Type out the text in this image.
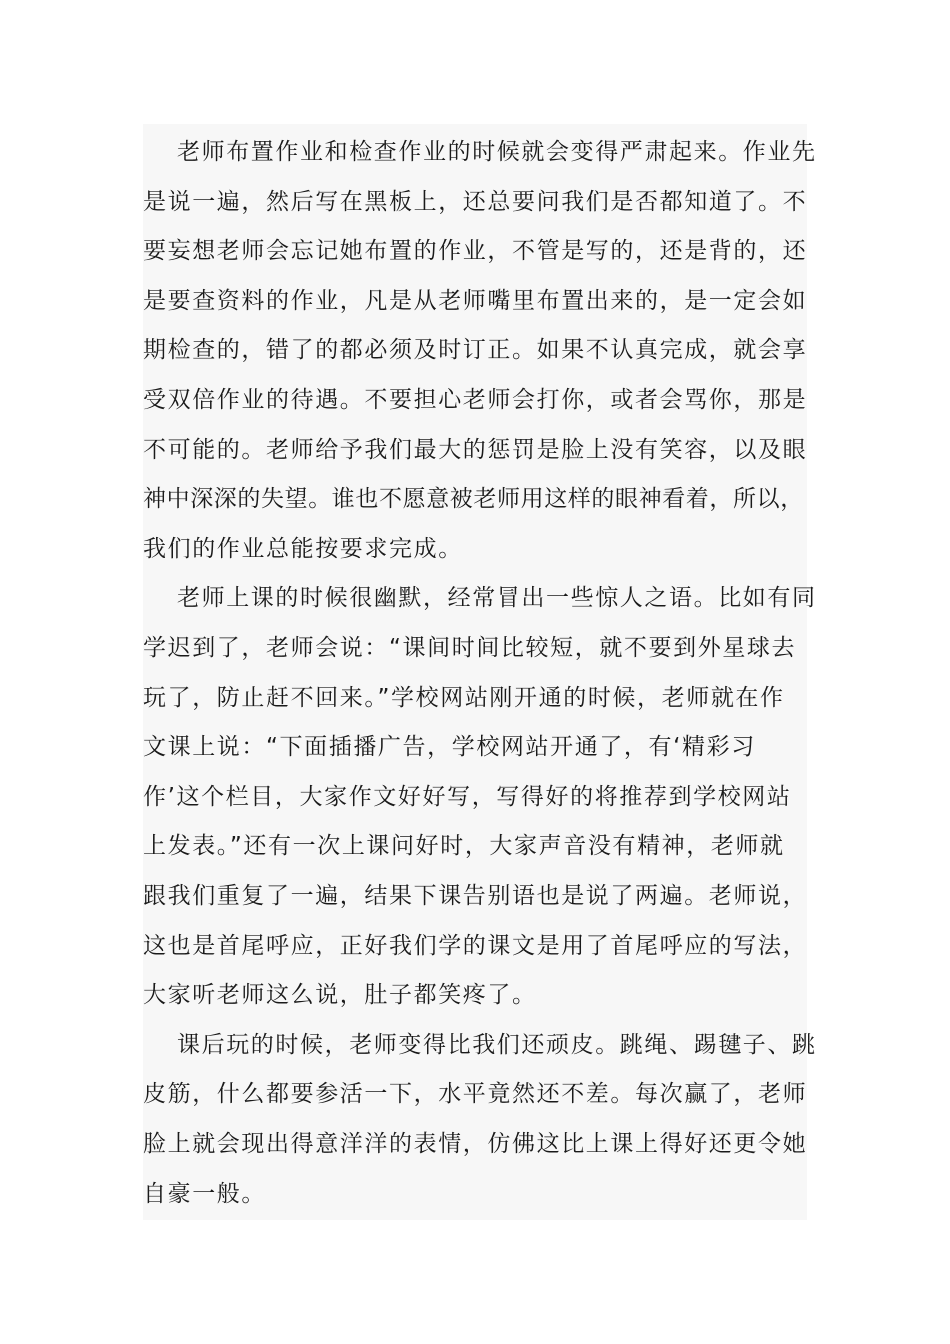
老师布置作业和检查作业的时候就会变得严肃起来。作业先
是说一遍，然后写在黑板上，还总要问我们是否都知道了。不
要妄想老师会忘记她布置的作业，不管是写的，还是背的，还
是要查资料的作业，凡是从老师嘴里布置出来的，是一定会如
期检查的，错了的都必须及时订正。如果不认真完成，就会享
受双倍作业的待遇。不要担心老师会打你，或者会骂你，那是
不可能的。老师给予我们最大的惩罚是脸上没有笑容，以及眼
神中深深的失望。谁也不愿意被老师用这样的眼神看着，所以，
我们的作业总能按要求完成。
老师上课的时候很幽默，经常冒出一些惊人之语。比如有同
学迟到了，老师会说：“课间时间比较短，就不要到外星球去
玩了，防止赶不回来。”学校网站刚开通的时候，老师就在作
文课上说：“下面插播广告，学校网站开通了，有‘精彩习
作’这个栏目，大家作文好好写，写得好的将推荐到学校网站
上发表。”还有一次上课问好时，大家声音没有精神，老师就
跟我们重复了一遍，结果下课告别语也是说了两遍。老师说，
这也是首尾呼应，正好我们学的课文是用了首尾呼应的写法，
大家听老师这么说，肚子都笑疼了。
课后玩的时候，老师变得比我们还顽皮。跳绳、踢毽子、跳
皮筋，什么都要参活一下，水平竟然还不差。每次赢了，老师
脸上就会现出得意洋洋的表情，仿佛这比上课上得好还更令她
自豪一般。
